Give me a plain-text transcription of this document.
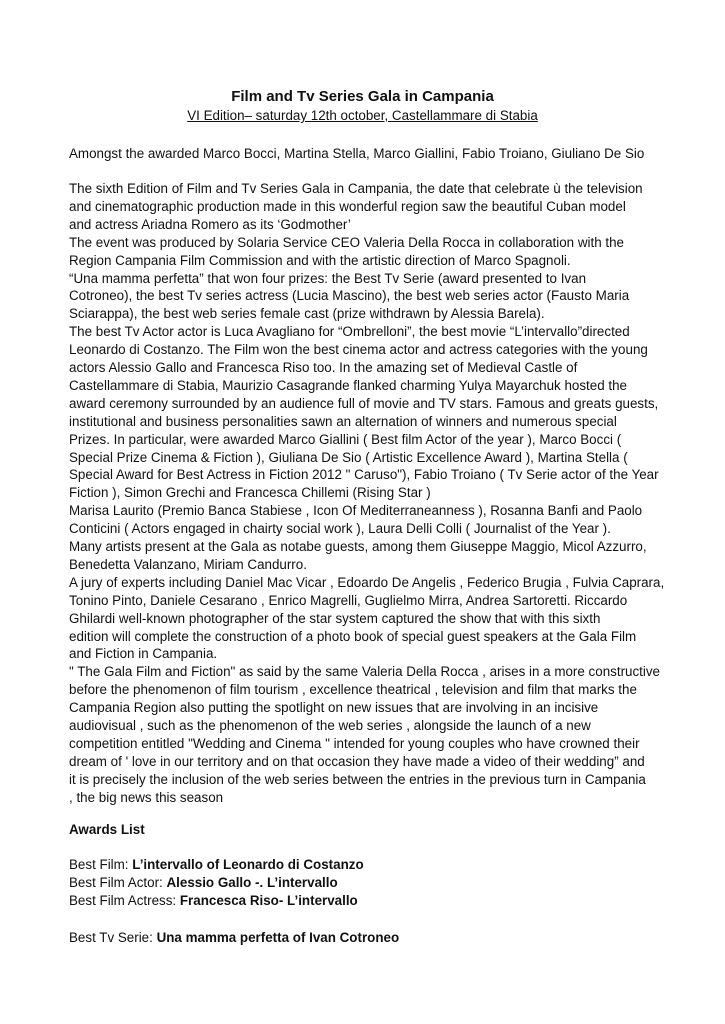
Film and Tv Series Gala in Campania

VI Edition– saturday 12th october, Castellammare di Stabia

Amongst the awarded Marco Bocci, Martina Stella, Marco Giallini, Fabio Troiano, Giuliano De Sio

The sixth Edition of Film and Tv Series Gala in Campania, the date that celebrate ù the television

and cinematographic production made in this wonderful region saw the beautiful Cuban model

and actress Ariadna Romero as its ‘Godmother’

The event was produced by Solaria Service CEO Valeria Della Rocca in collaboration with the

Region Campania Film Commission and with the artistic direction of Marco Spagnoli.

“Una mamma perfetta” that won four prizes: the Best Tv Serie (award presented to Ivan

Cotroneo), the best Tv series actress (Lucia Mascino), the best web series actor (Fausto Maria

Sciarappa), the best web series female cast (prize withdrawn by Alessia Barela).

The best Tv Actor actor is Luca Avagliano for “Ombrelloni”, the best movie “L’intervallo”directed

Leonardo di Costanzo. The Film won the best cinema actor and actress categories with the young

actors Alessio Gallo and Francesca Riso too. In the amazing set of Medieval Castle of

Castellammare di Stabia, Maurizio Casagrande flanked charming Yulya Mayarchuk hosted the

award ceremony surrounded by an audience full of movie and TV stars. Famous and greats guests,

institutional and business personalities sawn an alternation of winners and numerous special

Prizes. In particular, were awarded Marco Giallini ( Best film Actor of the year ), Marco Bocci (

Special Prize Cinema & Fiction ), Giuliana De Sio ( Artistic Excellence Award ), Martina Stella (

Special Award for Best Actress in Fiction 2012 " Caruso"), Fabio Troiano ( Tv Serie actor of the Year

Fiction ), Simon Grechi and Francesca Chillemi (Rising Star )

Marisa Laurito (Premio Banca Stabiese , Icon Of Mediterraneanness ), Rosanna Banfi and Paolo

Conticini ( Actors engaged in chairty social work ), Laura Delli Colli ( Journalist of the Year ).

Many artists present at the Gala as notabe guests, among them Giuseppe Maggio, Micol Azzurro,

Benedetta Valanzano, Miriam Candurro.

A jury of experts including Daniel Mac Vicar , Edoardo De Angelis , Federico Brugia , Fulvia Caprara,

Tonino Pinto, Daniele Cesarano , Enrico Magrelli, Guglielmo Mirra, Andrea Sartoretti. Riccardo

Ghilardi well-known photographer of the star system captured the show that with this sixth

edition will complete the construction of a photo book of special guest speakers at the Gala Film

and Fiction in Campania.

" The Gala Film and Fiction" as said by the same Valeria Della Rocca , arises in a more constructive

before the phenomenon of film tourism , excellence theatrical , television and film that marks the

Campania Region also putting the spotlight on new issues that are involving in an incisive

audiovisual , such as the phenomenon of the web series , alongside the launch of a new

competition entitled "Wedding and Cinema " intended for young couples who have crowned their

dream of ' love in our territory and on that occasion they have made a video of their wedding” and

it is precisely the inclusion of the web series between the entries in the previous turn in Campania

, the big news this season

Awards List

Best Film: L’intervallo of Leonardo di Costanzo

Best Film Actor: Alessio Gallo -. L’intervallo

Best Film Actress: Francesca Riso- L’intervallo

Best Tv Serie: Una mamma perfetta of Ivan Cotroneo
